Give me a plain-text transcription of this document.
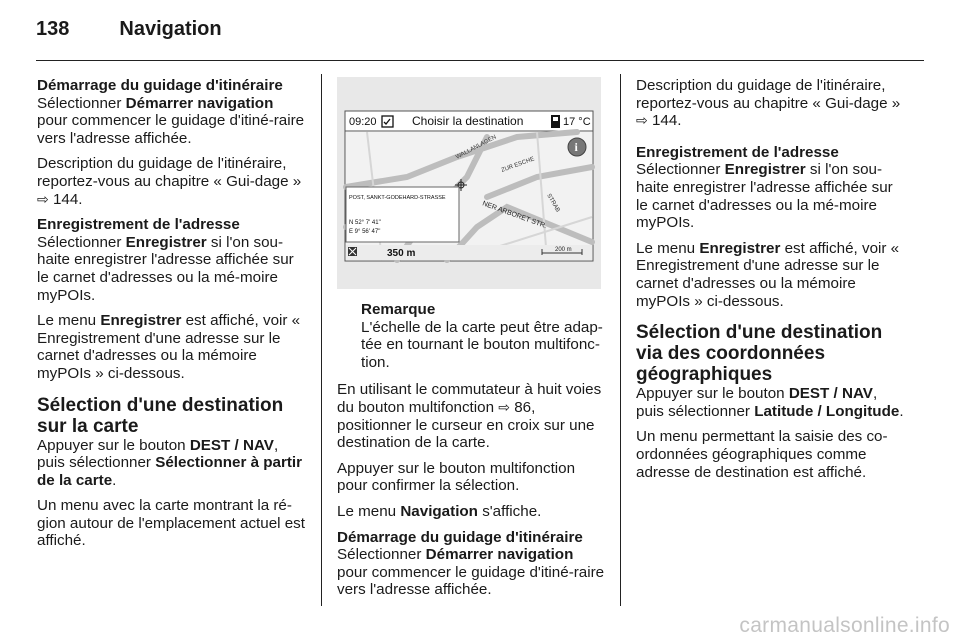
138	Navigation
Démarrage du guidage d'itinéraire

Sélectionner Démarrer navigation
pour commencer le guidage d'itiné-raire vers l'adresse affichée.

Description du guidage de l'itinéraire, reportez-vous au chapitre « Gui-dage » ⇨ 144.

Enregistrement de l'adresse

Sélectionner Enregistrer si l'on sou-haite enregistrer l'adresse affichée sur le carnet d'adresses ou la mé-moire myPOIs.

Le menu Enregistrer est affiché, voir « Enregistrement d'une adresse sur le carnet d'adresses ou la mémoire myPOIs » ci-dessous.

Sélection d'une destination sur la carte

Appuyer sur le bouton DEST / NAV, puis sélectionner Sélectionner à partir de la carte.

Un menu avec la carte montrant la ré-gion autour de l'emplacement actuel est affiché.

09:20	Choisir la destination	17 °C
WALLANLAGEN
ZUR ESCHE
NER ARBORET STR.
STRAB
i
POST, SANKT-GODEHARD-STRASSE
N 52° 7' 41"
E 9° 56' 47"
350 m	200 m
Remarque
L'échelle de la carte peut être adap-tée en tournant le bouton multifonc-tion.

En utilisant le commutateur à huit voies du bouton multifonction ⇨ 86, positionner le curseur en croix sur une destination de la carte.

Appuyer sur le bouton multifonction pour confirmer la sélection.

Le menu Navigation s'affiche.

Démarrage du guidage d'itinéraire

Sélectionner Démarrer navigation
pour commencer le guidage d'itiné-raire vers l'adresse affichée.

Description du guidage de l'itinéraire, reportez-vous au chapitre « Gui-dage » ⇨ 144.

Enregistrement de l'adresse

Sélectionner Enregistrer si l'on sou-haite enregistrer l'adresse affichée sur le carnet d'adresses ou la mé-moire myPOIs.

Le menu Enregistrer est affiché, voir « Enregistrement d'une adresse sur le carnet d'adresses ou la mémoire myPOIs » ci-dessous.

Sélection d'une destination via des coordonnées géographiques

Appuyer sur le bouton DEST / NAV, puis sélectionner Latitude / Longitude.

Un menu permettant la saisie des co-ordonnées géographiques comme adresse de destination est affiché.

carmanualsonline.info
